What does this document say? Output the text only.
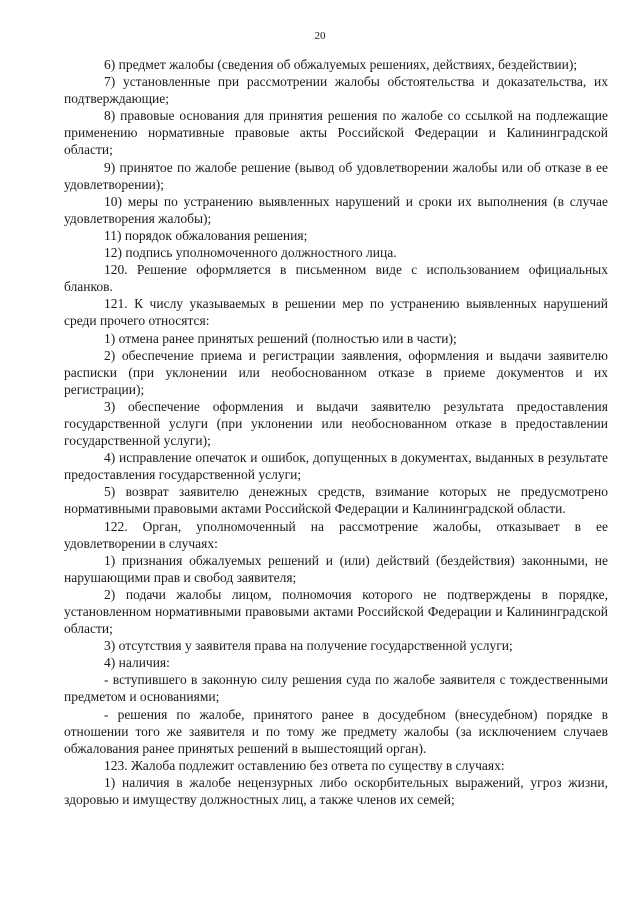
20

6) предмет жалобы (сведения об обжалуемых решениях, действиях, бездействии);

7) установленные при рассмотрении жалобы обстоятельства и доказательства, их подтверждающие;

8) правовые основания для принятия решения по жалобе со ссылкой на подлежащие применению нормативные правовые акты Российской Федерации и Калининградской области;

9) принятое по жалобе решение (вывод об удовлетворении жалобы или об отказе в ее удовлетворении);

10) меры по устранению выявленных нарушений и сроки их выполнения (в случае удовлетворения жалобы);

11) порядок обжалования решения;

12) подпись уполномоченного должностного лица.

120. Решение оформляется в письменном виде с использованием официальных бланков.

121. К числу указываемых в решении мер по устранению выявленных нарушений среди прочего относятся:

1) отмена ранее принятых решений (полностью или в части);

2) обеспечение приема и регистрации заявления, оформления и выдачи заявителю расписки (при уклонении или необоснованном отказе в приеме документов и их регистрации);

3) обеспечение оформления и выдачи заявителю результата предоставления государственной услуги (при уклонении или необоснованном отказе в предоставлении государственной услуги);

4) исправление опечаток и ошибок, допущенных в документах, выданных в результате предоставления государственной услуги;

5) возврат заявителю денежных средств, взимание которых не предусмотрено нормативными правовыми актами Российской Федерации и Калининградской области.

122. Орган, уполномоченный на рассмотрение жалобы, отказывает в ее удовлетворении в случаях:

1) признания обжалуемых решений и (или) действий (бездействия) законными, не нарушающими прав и свобод заявителя;

2) подачи жалобы лицом, полномочия которого не подтверждены в порядке, установленном нормативными правовыми актами Российской Федерации и Калининградской области;

3) отсутствия у заявителя права на получение государственной услуги;

4) наличия:

- вступившего в законную силу решения суда по жалобе заявителя с тождественными предметом и основаниями;

- решения по жалобе, принятого ранее в досудебном (внесудебном) порядке в отношении того же заявителя и по тому же предмету жалобы (за исключением случаев обжалования ранее принятых решений в вышестоящий орган).

123. Жалоба подлежит оставлению без ответа по существу в случаях:

1) наличия в жалобе нецензурных либо оскорбительных выражений, угроз жизни, здоровью и имуществу должностных лиц, а также членов их семей;
